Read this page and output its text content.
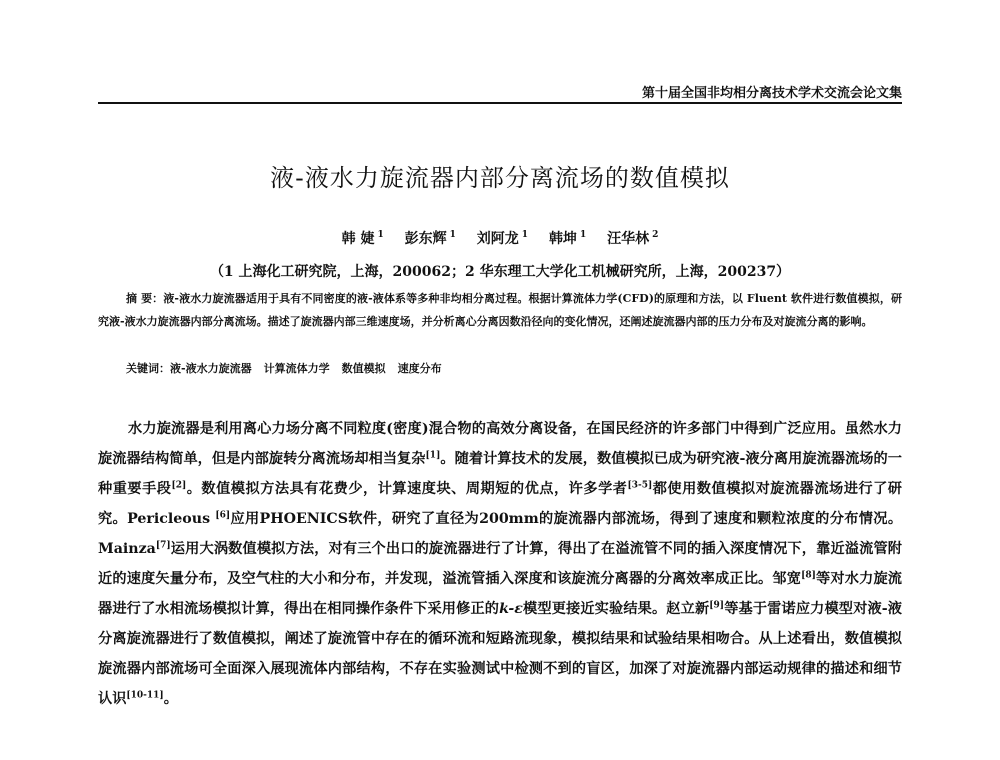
第十届全国非均相分离技术学术交流会论文集
液-液水力旋流器内部分离流场的数值模拟
韩 婕 $^1$ 彭东辉 $^1$ 刘阿龙 $^1$ 韩坤 $^1$ 汪华林 $^2$
（1 上海化工研究院，上海，200062；2 华东理工大学化工机械研究所，上海，200237）
摘 要：液-液水力旋流器适用于具有不同密度的液-液体系等多种非均相分离过程。根据计算流体力学(CFD)的原理和方法，以 Fluent 软件进行数值模拟，研究液-液水力旋流器内部分离流场。描述了旋流器内部三维速度场，并分析离心分离因数沿径向的变化情况，还阐述旋流器内部的压力分布及对旋流分离的影响。
关键词：液-液水力旋流器 计算流体力学 数值模拟 速度分布
水力旋流器是利用离心力场分离不同粒度(密度)混合物的高效分离设备，在国民经济的许多部门中得到广泛应用。虽然水力旋流器结构简单，但是内部旋转分离流场却相当复杂[1]。随着计算技术的发展，数值模拟已成为研究液-液分离用旋流器流场的一种重要手段[2]。数值模拟方法具有花费少，计算速度块、周期短的优点，许多学者[3-5]都使用数值模拟对旋流器流场进行了研究。Pericleous [6]应用PHOENICS软件，研究了直径为200mm的旋流器内部流场，得到了速度和颗粒浓度的分布情况。Mainza[7]运用大涡数值模拟方法，对有三个出口的旋流器进行了计算，得出了在溢流管不同的插入深度情况下，靠近溢流管附近的速度矢量分布，及空气柱的大小和分布，并发现，溢流管插入深度和该旋流分离器的分离效率成正比。邹宽[8]等对水力旋流器进行了水相流场模拟计算，得出在相同操作条件下采用修正的k-ε模型更接近实验结果。赵立新[9]等基于雷诺应力模型对液-液分离旋流器进行了数值模拟，阐述了旋流管中存在的循环流和短路流现象，模拟结果和试验结果相吻合。从上述看出，数值模拟旋流器内部流场可全面深入展现流体内部结构，不存在实验测试中检测不到的盲区，加深了对旋流器内部运动规律的描述和细节认识[10-11]。
